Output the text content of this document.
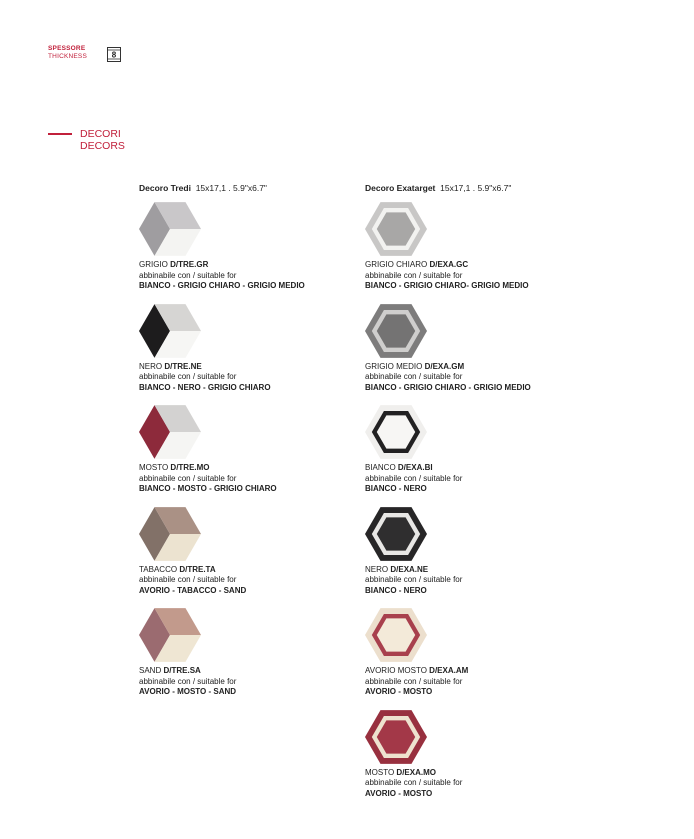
SPESSORE
THICKNESS	8
DECORI
DECORS
Decoro Tredi 15x17,1 . 5.9"x6.7"
GRIGIO D/TRE.GR
abbinabile con / suitable for
BIANCO - GRIGIO CHIARO - GRIGIO MEDIO
NERO D/TRE.NE
abbinabile con / suitable for
BIANCO - NERO - GRIGIO CHIARO
MOSTO D/TRE.MO
abbinabile con / suitable for
BIANCO - MOSTO - GRIGIO CHIARO
TABACCO D/TRE.TA
abbinabile con / suitable for
AVORIO - TABACCO - SAND
SAND D/TRE.SA
abbinabile con / suitable for
AVORIO - MOSTO - SAND
Decoro Exatarget 15x17,1 . 5.9"x6.7"
GRIGIO CHIARO D/EXA.GC
abbinabile con / suitable for
BIANCO - GRIGIO CHIARO- GRIGIO MEDIO
GRIGIO MEDIO D/EXA.GM
abbinabile con / suitable for
BIANCO - GRIGIO CHIARO - GRIGIO MEDIO
BIANCO D/EXA.BI
abbinabile con / suitable for
BIANCO - NERO
NERO D/EXA.NE
abbinabile con / suitable for
BIANCO - NERO
AVORIO MOSTO D/EXA.AM
abbinabile con / suitable for
AVORIO - MOSTO
MOSTO D/EXA.MO
abbinabile con / suitable for
AVORIO - MOSTO
